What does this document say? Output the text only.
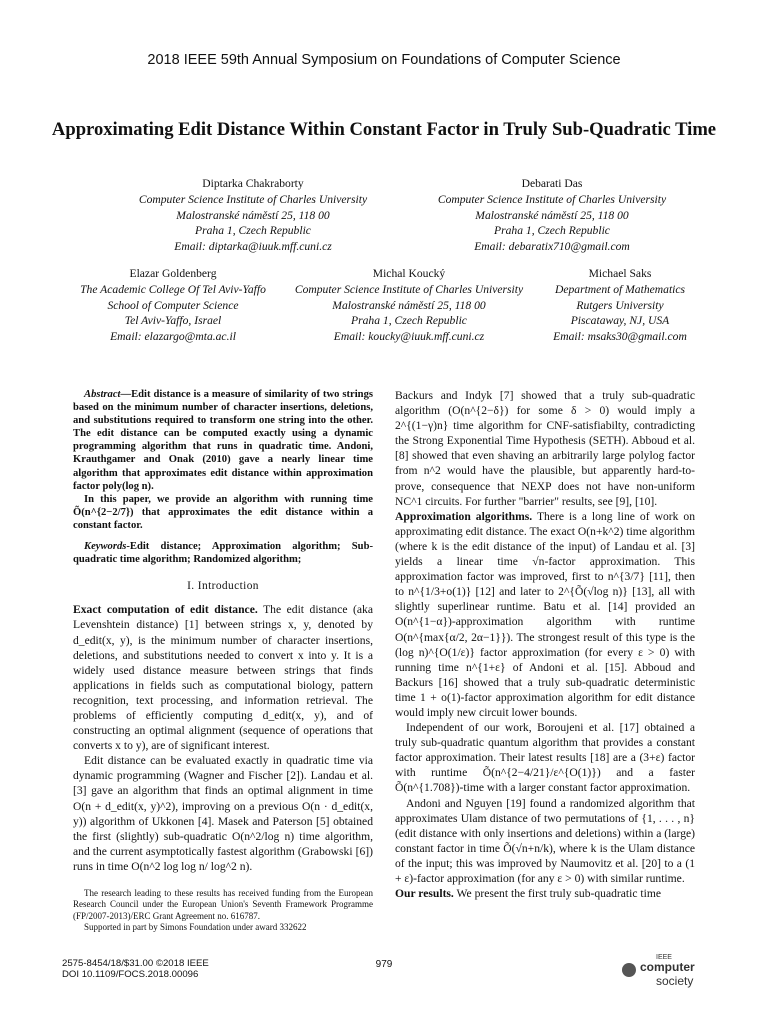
2018 IEEE 59th Annual Symposium on Foundations of Computer Science
Approximating Edit Distance Within Constant Factor in Truly Sub-Quadratic Time
Diptarka Chakraborty
Computer Science Institute of Charles University
Malostranské náměstí 25, 118 00
Praha 1, Czech Republic
Email: diptarka@iuuk.mff.cuni.cz
Debarati Das
Computer Science Institute of Charles University
Malostranské náměstí 25, 118 00
Praha 1, Czech Republic
Email: debaratix710@gmail.com
Elazar Goldenberg
The Academic College Of Tel Aviv-Yaffo
School of Computer Science
Tel Aviv-Yaffo, Israel
Email: elazargo@mta.ac.il
Michal Koucký
Computer Science Institute of Charles University
Malostranské náměstí 25, 118 00
Praha 1, Czech Republic
Email: koucky@iuuk.mff.cuni.cz
Michael Saks
Department of Mathematics
Rutgers University
Piscataway, NJ, USA
Email: msaks30@gmail.com

Abstract—Edit distance is a measure of similarity of two strings based on the minimum number of character insertions, deletions, and substitutions required to transform one string into the other. The edit distance can be computed exactly using a dynamic programming algorithm that runs in quadratic time. Andoni, Krauthgamer and Onak (2010) gave a nearly linear time algorithm that approximates edit distance within approximation factor poly(log n).

In this paper, we provide an algorithm with running time Õ(n^{2−2/7}) that approximates the edit distance within a constant factor.

Keywords-Edit distance; Approximation algorithm; Sub-quadratic time algorithm; Randomized algorithm;

I. Introduction

Exact computation of edit distance. The edit distance (aka Levenshtein distance) [1] between strings x, y, denoted by d_edit(x, y), is the minimum number of character insertions, deletions, and substitutions needed to convert x into y. It is a widely used distance measure between strings that finds applications in fields such as computational biology, pattern recognition, text processing, and information retrieval. The problems of efficiently computing d_edit(x, y), and of constructing an optimal alignment (sequence of operations that converts x to y), are of significant interest.

Edit distance can be evaluated exactly in quadratic time via dynamic programming (Wagner and Fischer [2]). Landau et al. [3] gave an algorithm that finds an optimal alignment in time O(n + d_edit(x, y)^2), improving on a previous O(n · d_edit(x, y)) algorithm of Ukkonen [4]. Masek and Paterson [5] obtained the first (slightly) sub-quadratic O(n^2/log n) time algorithm, and the current asymptotically fastest algorithm (Grabowski [6]) runs in time O(n^2 log log n/ log^2 n).

The research leading to these results has received funding from the European Research Council under the European Union's Seventh Framework Programme (FP/2007-2013)/ERC Grant Agreement no. 616787.

Supported in part by Simons Foundation under award 332622

Backurs and Indyk [7] showed that a truly sub-quadratic algorithm (O(n^{2−δ}) for some δ > 0) would imply a 2^{(1−γ)n} time algorithm for CNF-satisfiabilty, contradicting the Strong Exponential Time Hypothesis (SETH). Abboud et al. [8] showed that even shaving an arbitrarily large polylog factor from n^2 would have the plausible, but apparently hard-to-prove, consequence that NEXP does not have non-uniform NC^1 circuits. For further "barrier" results, see [9], [10].

Approximation algorithms. There is a long line of work on approximating edit distance. The exact O(n+k^2) time algorithm (where k is the edit distance of the input) of Landau et al. [3] yields a linear time √n-factor approximation. This approximation factor was improved, first to n^{3/7} [11], then to n^{1/3+o(1)} [12] and later to 2^{Õ(√log n)} [13], all with slightly superlinear runtime. Batu et al. [14] provided an O(n^{1−α})-approximation algorithm with runtime O(n^{max{α/2, 2α−1}}). The strongest result of this type is the (log n)^{O(1/ε)} factor approximation (for every ε > 0) with running time n^{1+ε} of Andoni et al. [15]. Abboud and Backurs [16] showed that a truly sub-quadratic deterministic time 1 + o(1)-factor approximation algorithm for edit distance would imply new circuit lower bounds.

Independent of our work, Boroujeni et al. [17] obtained a truly sub-quadratic quantum algorithm that provides a constant factor approximation. Their latest results [18] are a (3+ε) factor with runtime Õ(n^{2−4/21}/ε^{O(1)}) and a faster Õ(n^{1.708})-time with a larger constant factor approximation.

Andoni and Nguyen [19] found a randomized algorithm that approximates Ulam distance of two permutations of {1, . . . , n} (edit distance with only insertions and deletions) within a (large) constant factor in time Õ(√n+n/k), where k is the Ulam distance of the input; this was improved by Naumovitz et al. [20] to a (1 + ε)-factor approximation (for any ε > 0) with similar runtime.

Our results. We present the first truly sub-quadratic time

2575-8454/18/$31.00 ©2018 IEEE
DOI 10.1109/FOCS.2018.00096
979
IEEE
computer
society
